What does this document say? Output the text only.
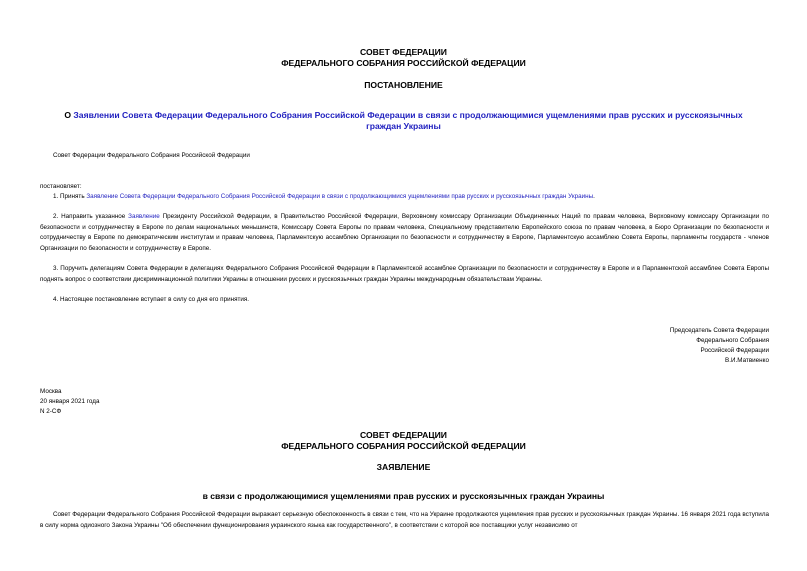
СОВЕТ ФЕДЕРАЦИИ
ФЕДЕРАЛЬНОГО СОБРАНИЯ РОССИЙСКОЙ ФЕДЕРАЦИИ
ПОСТАНОВЛЕНИЕ
О Заявлении Совета Федерации Федерального Собрания Российской Федерации в связи с продолжающимися ущемлениями прав русских и русскоязычных граждан Украины
Совет Федерации Федерального Собрания Российской Федерации
постановляет:
1. Принять Заявление Совета Федерации Федерального Собрания Российской Федерации в связи с продолжающимися ущемлениями прав русских и русскоязычных граждан Украины.
2. Направить указанное Заявление Президенту Российской Федерации, в Правительство Российской Федерации, Верховному комиссару Организации Объединенных Наций по правам человека, Верховному комиссару Организации по безопасности и сотрудничеству в Европе по делам национальных меньшинств, Комиссару Совета Европы по правам человека, Специальному представителю Европейского союза по правам человека, в Бюро Организации по безопасности и сотрудничеству в Европе по демократическим институтам и правам человека, Парламентскую ассамблею Организации по безопасности и сотрудничеству в Европе, Парламентскую ассамблею Совета Европы, парламенты государств - членов Организации по безопасности и сотрудничеству в Европе.
3. Поручить делегациям Совета Федерации в делегациях Федерального Собрания Российской Федерации в Парламентской ассамблее Организации по безопасности и сотрудничеству в Европе и в Парламентской ассамблее Совета Европы поднять вопрос о соответствии дискриминационной политики Украины в отношении русских и русскоязычных граждан Украины международным обязательствам Украины.
4. Настоящее постановление вступает в силу со дня его принятия.
Председатель Совета Федерации
Федерального Собрания
Российской Федерации
В.И.Матвиенко
Москва
20 января 2021 года
N 2-СФ
СОВЕТ ФЕДЕРАЦИИ
ФЕДЕРАЛЬНОГО СОБРАНИЯ РОССИЙСКОЙ ФЕДЕРАЦИИ
ЗАЯВЛЕНИЕ
в связи с продолжающимися ущемлениями прав русских и русскоязычных граждан Украины
Совет Федерации Федерального Собрания Российской Федерации выражает серьезную обеспокоенность в связи с тем, что на Украине продолжаются ущемления прав русских и русскоязычных граждан Украины. 16 января 2021 года вступила в силу норма одиозного Закона Украины "Об обеспечении функционирования украинского языка как государственного", в соответствии с которой все поставщики услуг независимо от
